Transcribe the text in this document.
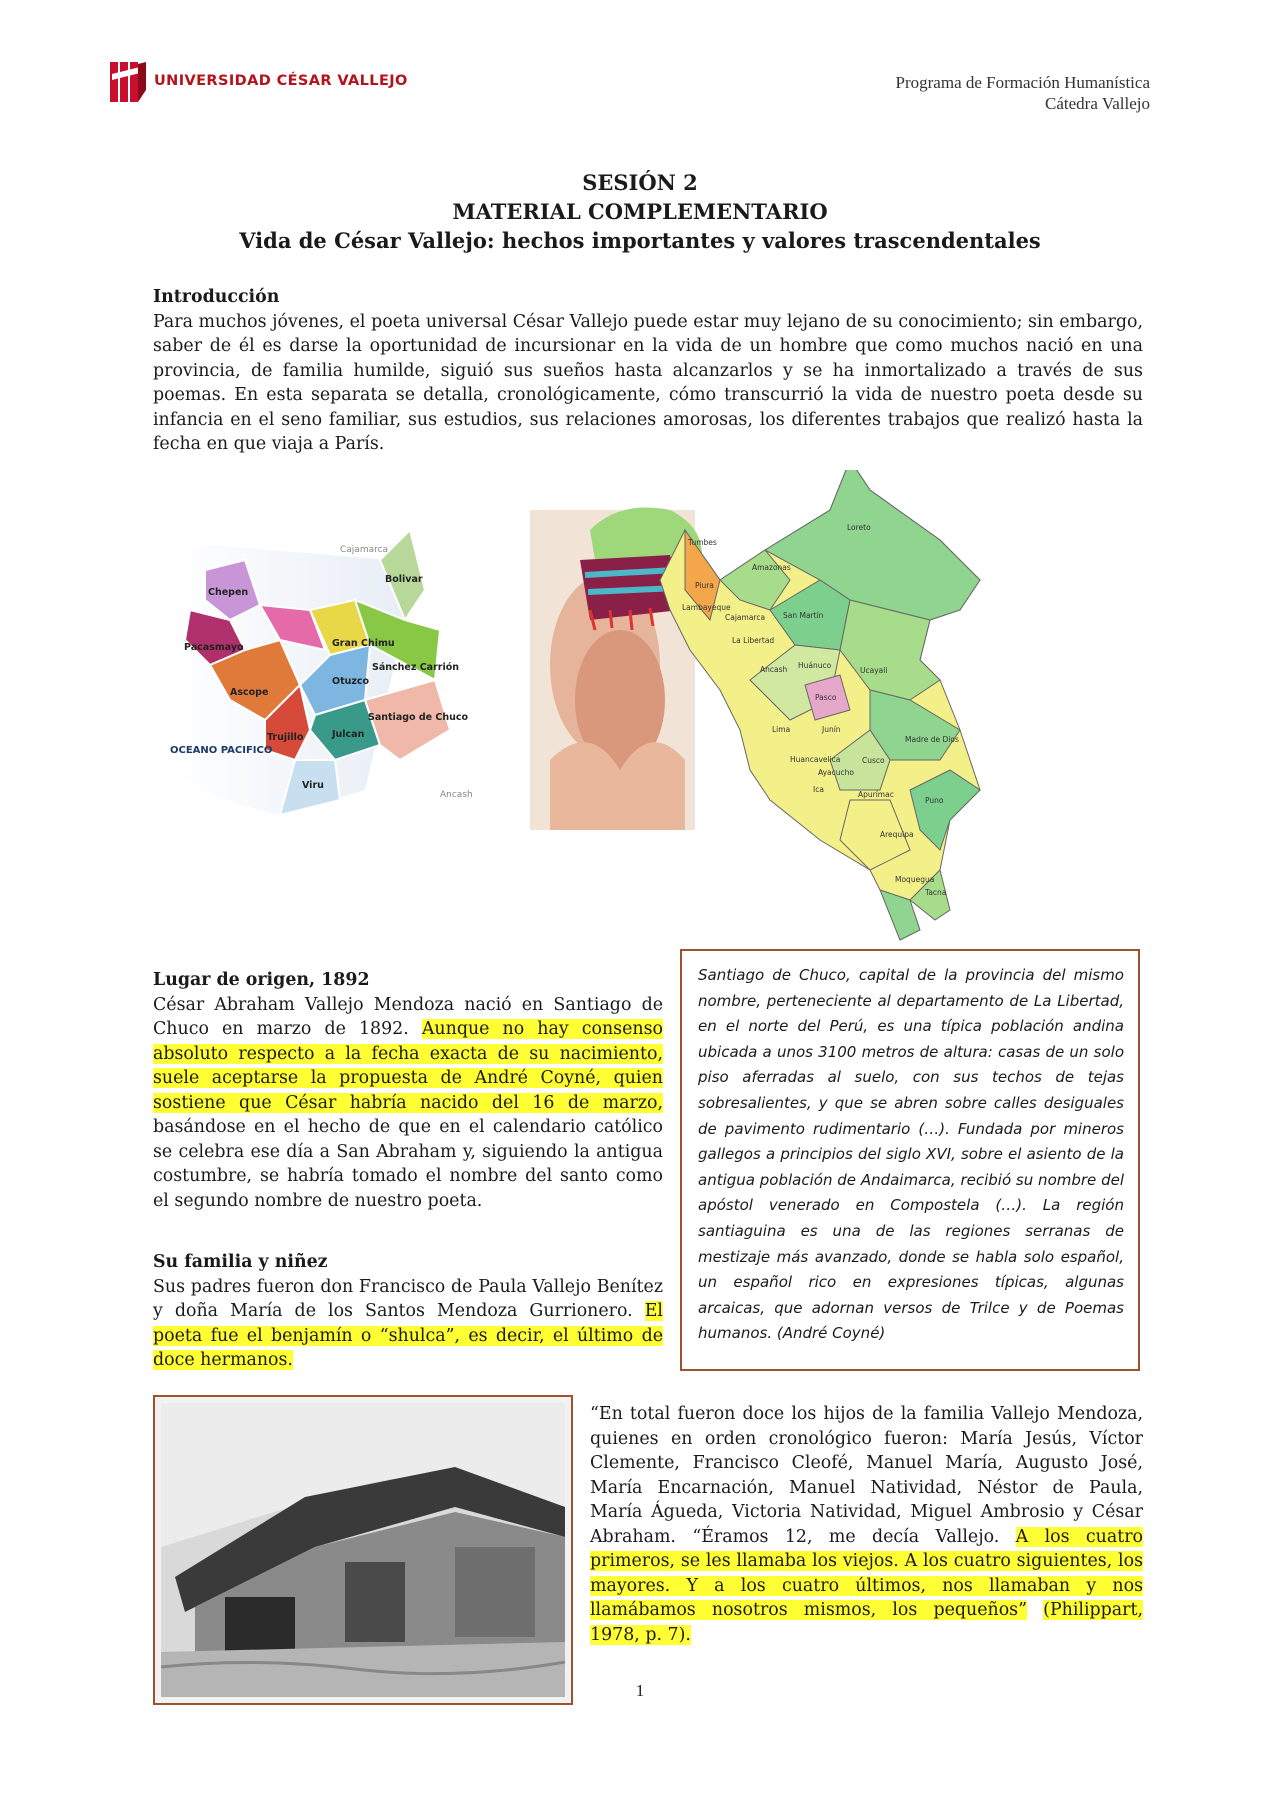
UNIVERSIDAD CÉSAR VALLEJO	Programa de Formación Humanística
Cátedra Vallejo
SESIÓN 2
MATERIAL COMPLEMENTARIO
Vida de César Vallejo: hechos importantes y valores trascendentales
Introducción
Para muchos jóvenes, el poeta universal César Vallejo puede estar muy lejano de su conocimiento; sin embargo, saber de él es darse la oportunidad de incursionar en la vida de un hombre que como muchos nació en una provincia, de familia humilde, siguió sus sueños hasta alcanzarlos y se ha inmortalizado a través de sus poemas. En esta separata se detalla, cronológicamente, cómo transcurrió la vida de nuestro poeta desde su infancia en el seno familiar, sus estudios, sus relaciones amorosas, los diferentes trabajos que realizó hasta la fecha en que viaja a París.
Chepen
Pacasmayo
Ascope
Gran Chimu
Otuzco
Trujillo	Julcan
Viru
Bolivar
Sánchez Carrión
Santiago de Chuco
Cajamarca
Ancash
OCEANO PACIFICO
Loreto
Amazonas
Tumbes
Piura
Lambayeque
Cajamarca San Martín
La Libertad
Ancash Huánuco
Ucayali
Pasco
Lima	Junín
Madre de Dios
Huancavelica	Cusco
Ica
Ayacucho
Apurímac
Puno
Arequipa
Moquegua
Tacna

Santiago de Chuco, capital de la provincia del mismo nombre, perteneciente al departamento de La Libertad, en el norte del Perú, es una típica población andina ubicada a unos 3100 metros de altura: casas de un solo piso aferradas al suelo, con sus techos de tejas sobresalientes, y que se abren sobre calles desiguales de pavimento rudimentario (…). Fundada por mineros gallegos a principios del siglo XVI, sobre el asiento de la antigua población de Andaimarca, recibió su nombre del apóstol venerado en Compostela (…). La región santiaguina es una de las regiones serranas de mestizaje más avanzado, donde se habla solo español, un español rico en expresiones típicas, algunas arcaicas, que adornan versos de Trilce y de Poemas humanos. (André Coyné)

Lugar de origen, 1892
César Abraham Vallejo Mendoza nació en Santiago de Chuco en marzo de 1892. Aunque no hay consenso absoluto respecto a la fecha exacta de su nacimiento, suele aceptarse la propuesta de André Coyné, quien sostiene que César habría nacido del 16 de marzo, basándose en el hecho de que en el calendario católico se celebra ese día a San Abraham y, siguiendo la antigua costumbre, se habría tomado el nombre del santo como el segundo nombre de nuestro poeta.
Su familia y niñez
Sus padres fueron don Francisco de Paula Vallejo Benítez y doña María de los Santos Mendoza Gurrionero. El poeta fue el benjamín o “shulca”, es decir, el último de doce hermanos.
“En total fueron doce los hijos de la familia Vallejo Mendoza, quienes en orden cronológico fueron: María Jesús, Víctor Clemente, Francisco Cleofé, Manuel María, Augusto José, María Encarnación, Manuel Natividad, Néstor de Paula, María Águeda, Victoria Natividad, Miguel Ambrosio y César Abraham. “Éramos 12, me decía Vallejo. A los cuatro primeros, se les llamaba los viejos. A los cuatro siguientes, los mayores. Y a los cuatro últimos, nos llamaban y nos llamábamos nosotros mismos, los pequeños” (Philippart, 1978, p. 7).
1
